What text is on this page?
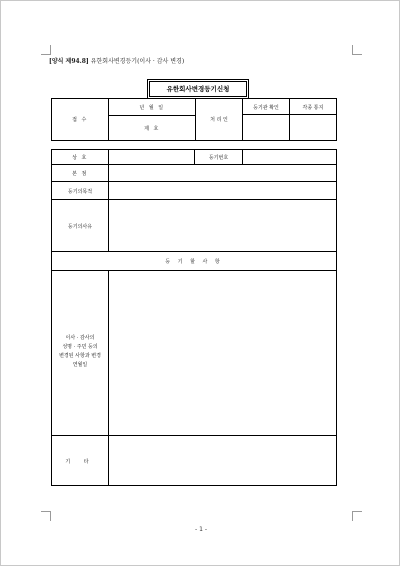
[양식 제94.8] 유한회사변경등기(이사 · 감사 변경)
유한회사변경등기신청
접 수
년 월 일
제 호
처 리 인
등기관 확인	각종 통지
상 호	등기번호
본 점
등기의목적
등기의사유
등 기 할 사 항
이사 · 감사의
성명 · 주민 등의
변경된 사항과 변경
연월일
기 타
- 1 -
